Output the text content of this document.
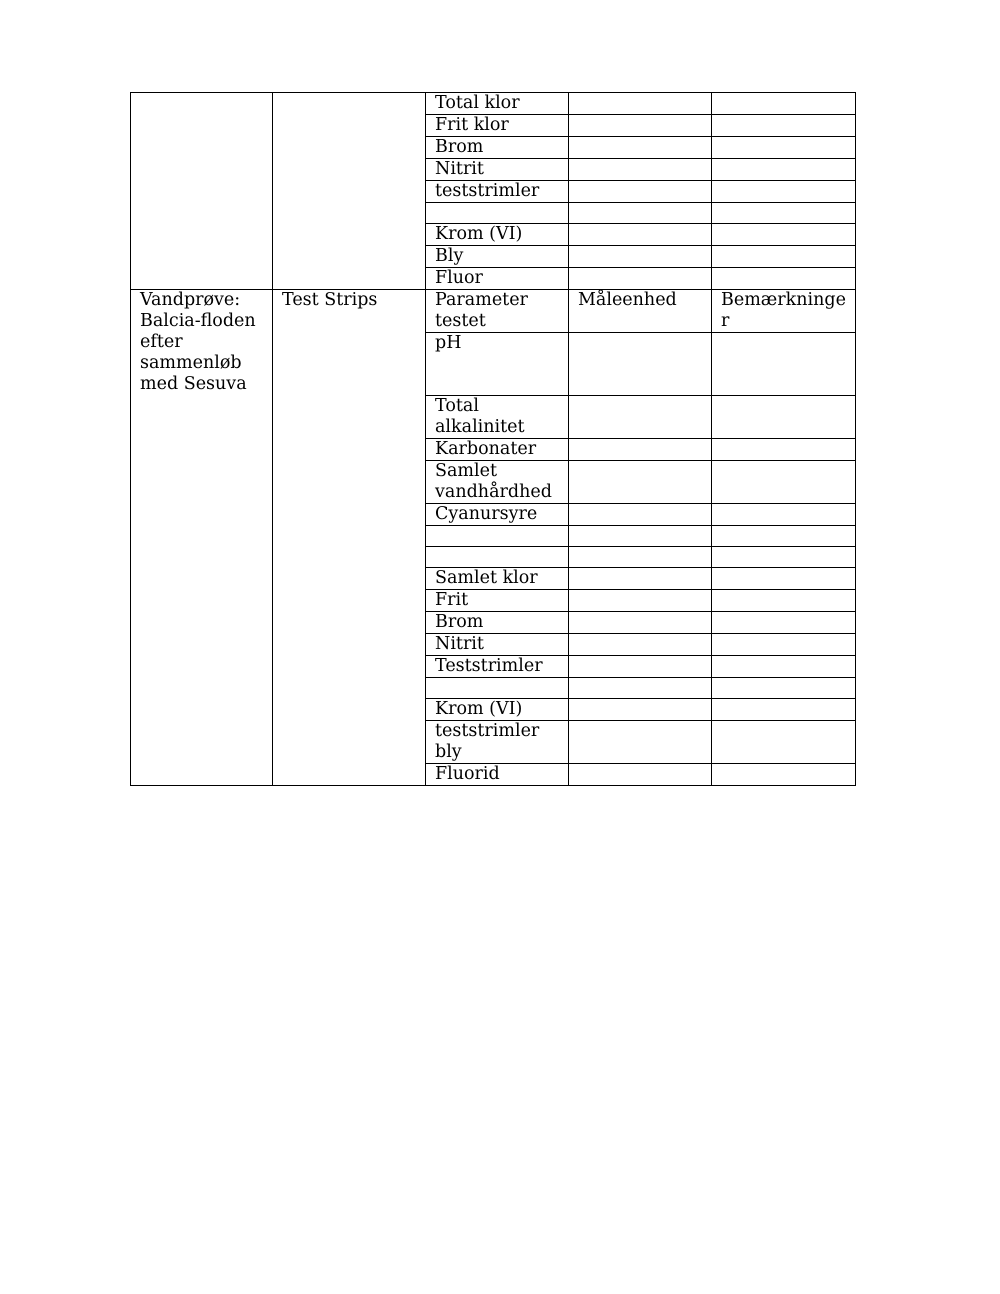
		Total klor		
		Frit klor		
		Brom		
		Nitrit		
		teststrimler		

		Krom (VI)		
		Bly		
		Fluor		
Vandprøve: Balcia-floden efter sammenløb med Sesuva	Test Strips	Parameter testet	Måleenhed	Bemærkninger
		pH		
		Total alkalinitet		
		Karbonater		
		Samlet vandhårdhed		
		Cyanursyre		

		Samlet klor		
		Frit		
		Brom		
		Nitrit		
		Teststrimler		

		Krom (VI)		
		teststrimler bly		
		Fluorid		
